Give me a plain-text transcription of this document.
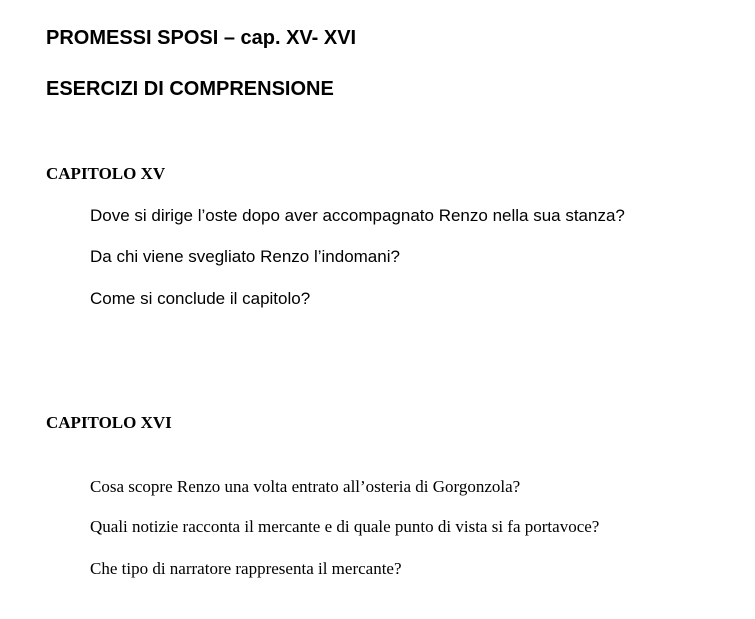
PROMESSI SPOSI – cap. XV- XVI
ESERCIZI DI COMPRENSIONE
CAPITOLO XV

Dove si dirige l’oste dopo aver accompagnato Renzo nella sua stanza?

Da chi viene svegliato Renzo l’indomani?

Come si conclude il capitolo?

CAPITOLO XVI

Cosa scopre Renzo una volta entrato all’osteria di Gorgonzola?

Quali notizie racconta il mercante e di quale punto di vista si fa portavoce?

Che tipo di narratore rappresenta il mercante?
